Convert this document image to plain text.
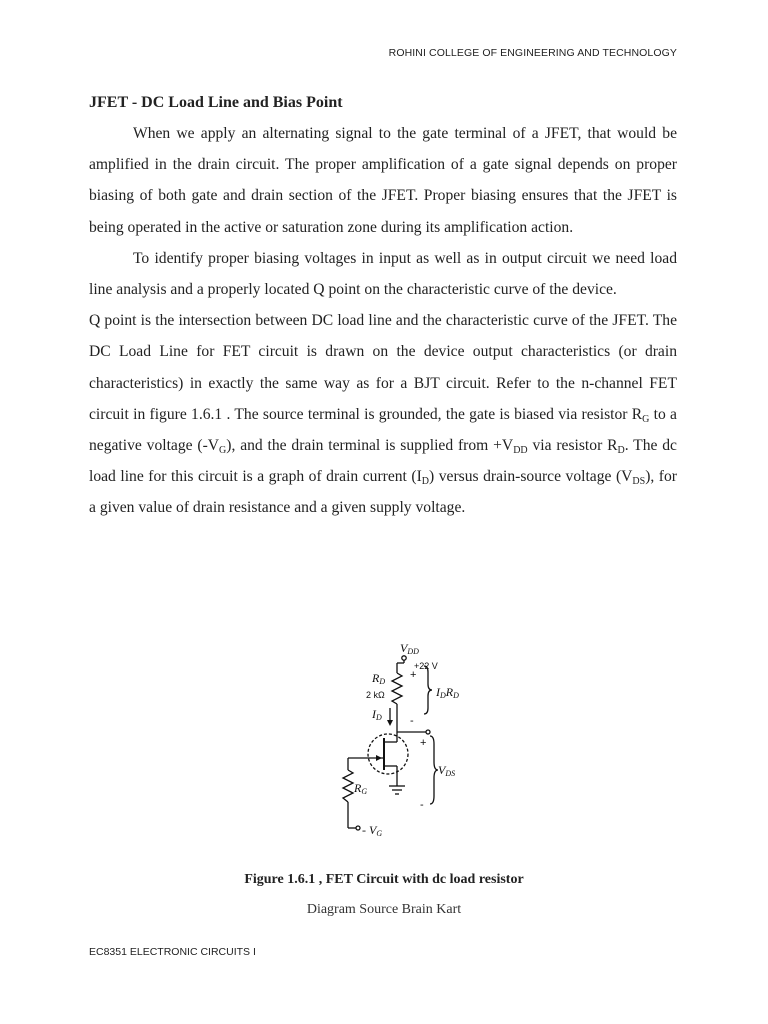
ROHINI COLLEGE OF ENGINEERING AND TECHNOLOGY
JFET - DC Load Line and Bias Point

When we apply an alternating signal to the gate terminal of a JFET, that would be amplified in the drain circuit. The proper amplification of a gate signal depends on proper biasing of both gate and drain section of the JFET. Proper biasing ensures that the JFET is being operated in the active or saturation zone during its amplification action.

To identify proper biasing voltages in input as well as in output circuit we need load line analysis and a properly located Q point on the characteristic curve of the device.

Q point is the intersection between DC load line and the characteristic curve of the JFET. The DC Load Line for FET circuit is drawn on the device output characteristics (or drain characteristics) in exactly the same way as for a BJT circuit. Refer to the n-channel FET circuit in figure 1.6.1 . The source terminal is grounded, the gate is biased via resistor $R_G$ to a negative voltage $(-V_G)$, and the drain terminal is supplied from $+V_{DD}$ via resistor $R_D$. The dc load line for this circuit is a graph of drain current $(I_D)$ versus drain-source voltage $(V_{DS})$, for a given value of drain resistance and a given supply voltage.

VDD
+22 V
+
-
RD
2 kΩ
ID
IDRD
+
VDS
-
RG
- VG
Figure 1.6.1 , FET Circuit with dc load resistor
Diagram Source Brain Kart
EC8351 ELECTRONIC CIRCUITS I
